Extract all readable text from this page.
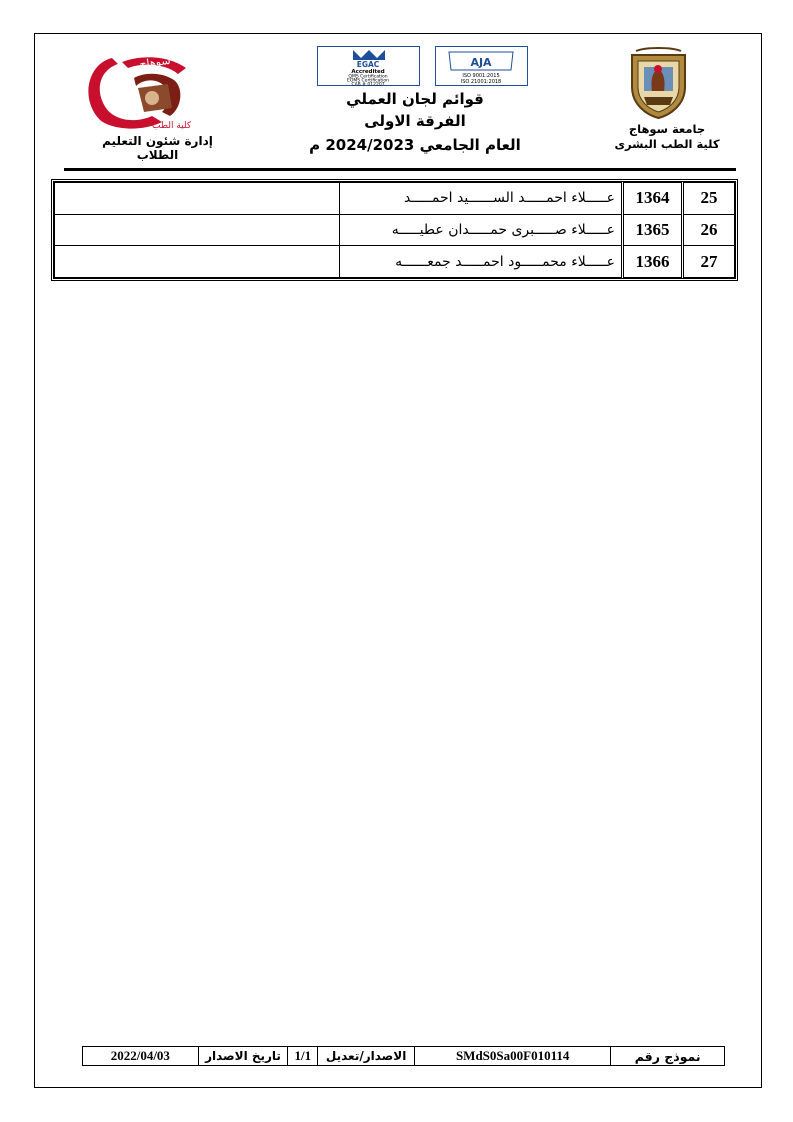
جامعة سوهاج
كلية الطب
إدارة شئون التعليم الطلاب
EGAC
Accredited
QMS Certification
EOMS Certification
CAB # 012207
AJA
ISO 9001:2015
ISO 21001:2018
قوائم لجان العملي
الفرقة الاولى
العام الجامعي 2024/2023 م
جامعة سوهاج
كلية الطب البشرى
25	1364	عـــــلاء احمـــــد الســــــيد احمـــــد	
26	1365	عـــــلاء صـــــبرى حمـــــدان عطيـــــه	
27	1366	عـــــلاء محمـــــود احمـــــد جمعــــــه	
نموذج رقم
SMdS0Sa00F010114
الاصدار/تعديل
1/1
تاريخ الاصدار
2022/04/03
